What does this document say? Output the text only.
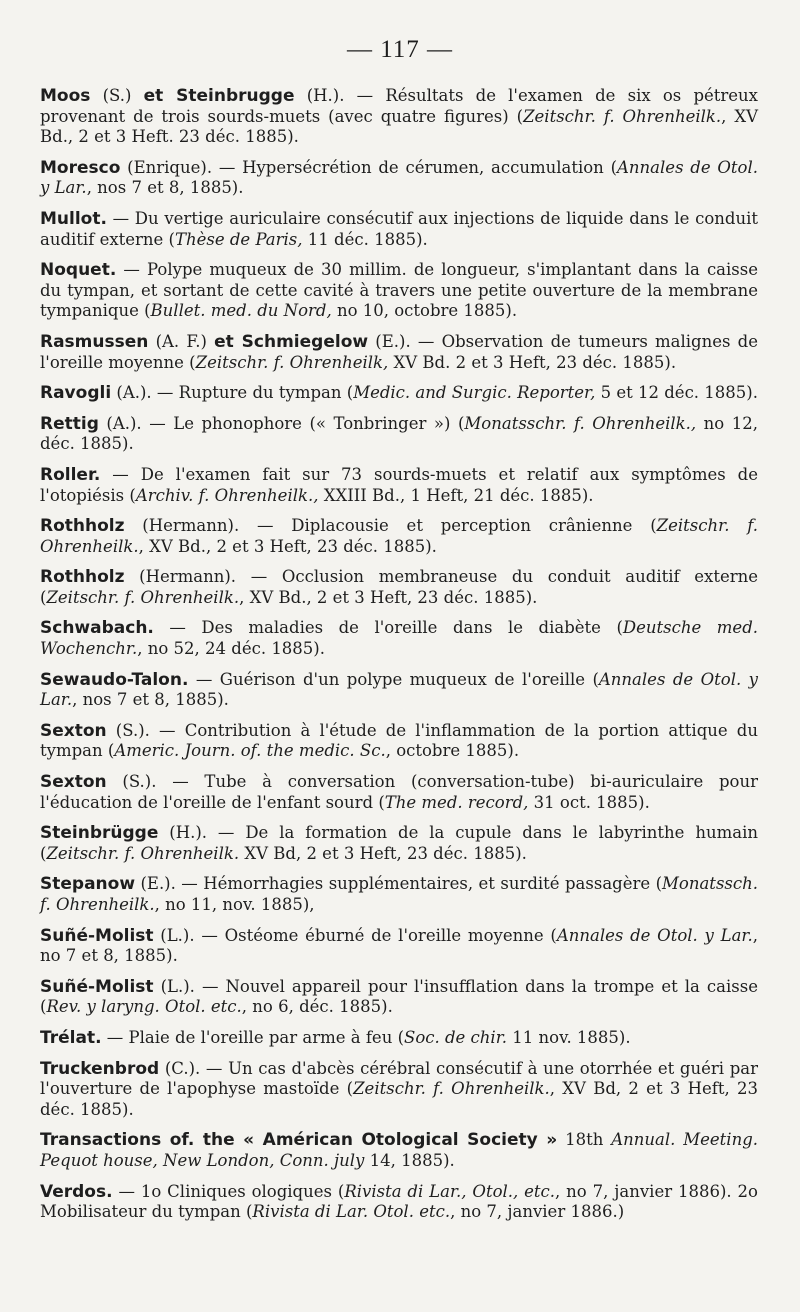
— 117 —

Moos (S.) et Steinbrugge (H.). — Résultats de l'examen de six os pétreux provenant de trois sourds-muets (avec quatre figures) (Zeitschr. f. Ohrenheilk., XV Bd., 2 et 3 Heft. 23 déc. 1885).

Moresco (Enrique). — Hypersécrétion de cérumen, accumulation (Annales de Otol. y Lar., nos 7 et 8, 1885).

Mullot. — Du vertige auriculaire consécutif aux injections de liquide dans le conduit auditif externe (Thèse de Paris, 11 déc. 1885).

Noquet. — Polype muqueux de 30 millim. de longueur, s'implantant dans la caisse du tympan, et sortant de cette cavité à travers une petite ouverture de la membrane tympanique (Bullet. med. du Nord, no 10, octobre 1885).

Rasmussen (A. F.) et Schmiegelow (E.). — Observation de tumeurs malignes de l'oreille moyenne (Zeitschr. f. Ohrenheilk, XV Bd. 2 et 3 Heft, 23 déc. 1885).

Ravogli (A.). — Rupture du tympan (Medic. and Surgic. Reporter, 5 et 12 déc. 1885).

Rettig (A.). — Le phonophore (« Tonbringer ») (Monatsschr. f. Ohrenheilk., no 12, déc. 1885).

Roller. — De l'examen fait sur 73 sourds-muets et relatif aux symptômes de l'otopiésis (Archiv. f. Ohrenheilk., XXIII Bd., 1 Heft, 21 déc. 1885).

Rothholz (Hermann). — Diplacousie et perception crânienne (Zeitschr. f. Ohrenheilk., XV Bd., 2 et 3 Heft, 23 déc. 1885).

Rothholz (Hermann). — Occlusion membraneuse du conduit auditif externe (Zeitschr. f. Ohrenheilk., XV Bd., 2 et 3 Heft, 23 déc. 1885).

Schwabach. — Des maladies de l'oreille dans le diabète (Deutsche med. Wochenchr., no 52, 24 déc. 1885).

Sewaudo-Talon. — Guérison d'un polype muqueux de l'oreille (Annales de Otol. y Lar., nos 7 et 8, 1885).

Sexton (S.). — Contribution à l'étude de l'inflammation de la portion attique du tympan (Americ. Journ. of. the medic. Sc., octobre 1885).

Sexton (S.). — Tube à conversation (conversation-tube) bi-auriculaire pour l'éducation de l'oreille de l'enfant sourd (The med. record, 31 oct. 1885).

Steinbrügge (H.). — De la formation de la cupule dans le labyrinthe humain (Zeitschr. f. Ohrenheilk. XV Bd, 2 et 3 Heft, 23 déc. 1885).

Stepanow (E.). — Hémorrhagies supplémentaires, et surdité passagère (Monatssch. f. Ohrenheilk., no 11, nov. 1885),

Suñé-Molist (L.). — Ostéome éburné de l'oreille moyenne (Annales de Otol. y Lar., no 7 et 8, 1885).

Suñé-Molist (L.). — Nouvel appareil pour l'insufflation dans la trompe et la caisse (Rev. y laryng. Otol. etc., no 6, déc. 1885).

Trélat. — Plaie de l'oreille par arme à feu (Soc. de chir. 11 nov. 1885).

Truckenbrod (C.). — Un cas d'abcès cérébral consécutif à une otorrhée et guéri par l'ouverture de l'apophyse mastoïde (Zeitschr. f. Ohrenheilk., XV Bd, 2 et 3 Heft, 23 déc. 1885).

Transactions of. the « Américan Otological Society » 18th Annual. Meeting. Pequot house, New London, Conn. july 14, 1885).

Verdos. — 1o Cliniques ologiques (Rivista di Lar., Otol., etc., no 7, janvier 1886). 2o Mobilisateur du tympan (Rivista di Lar. Otol. etc., no 7, janvier 1886.)
